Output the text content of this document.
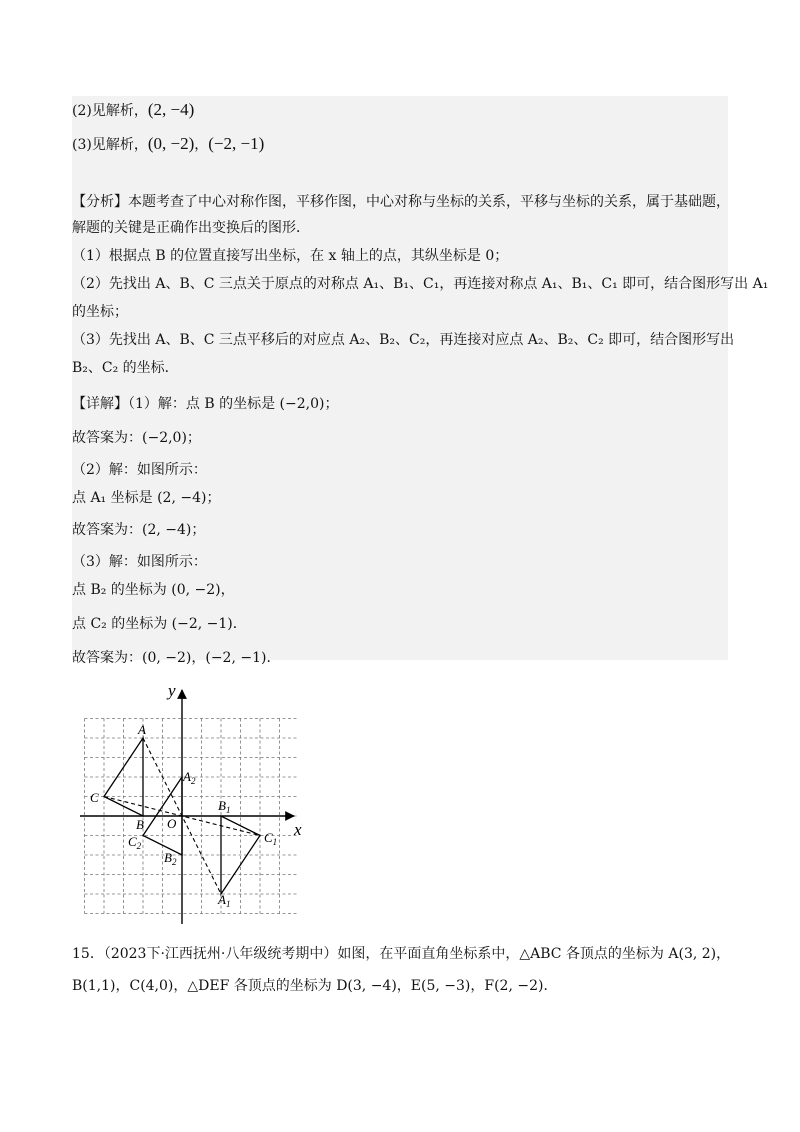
(2)见解析，(2, −4)
(3)见解析，(0, −2)，(−2, −1)
【分析】本题考查了中心对称作图，平移作图，中心对称与坐标的关系，平移与坐标的关系，属于基础题，
解题的关键是正确作出变换后的图形．
（1）根据点 B 的位置直接写出坐标，在 x 轴上的点，其纵坐标是 0；
（2）先找出 A、B、C 三点关于原点的对称点 A₁、B₁、C₁，再连接对称点 A₁、B₁、C₁ 即可，结合图形写出 A₁
的坐标；
（3）先找出 A、B、C 三点平移后的对应点 A₂、B₂、C₂，再连接对应点 A₂、B₂、C₂ 即可，结合图形写出
B₂、C₂ 的坐标．
【详解】（1）解：点 B 的坐标是 (−2,0)；
故答案为：(−2,0)；
（2）解：如图所示：
点 A₁ 坐标是 (2, −4)；
故答案为：(2, −4)；
（3）解：如图所示：
点 B₂ 的坐标为 (0, −2)，
点 C₂ 的坐标为 (−2, −1)．
故答案为：(0, −2)，(−2, −1)．
y
x
O
A
B
C
$A_1$
$B_1$
$C_1$
$A_2$
$B_2$
$C_2$
15．（2023下·江西抚州·八年级统考期中）如图，在平面直角坐标系中，△ABC 各顶点的坐标为 A(3, 2)，
B(1,1)，C(4,0)，△DEF 各顶点的坐标为 D(3, −4)，E(5, −3)，F(2, −2)．
